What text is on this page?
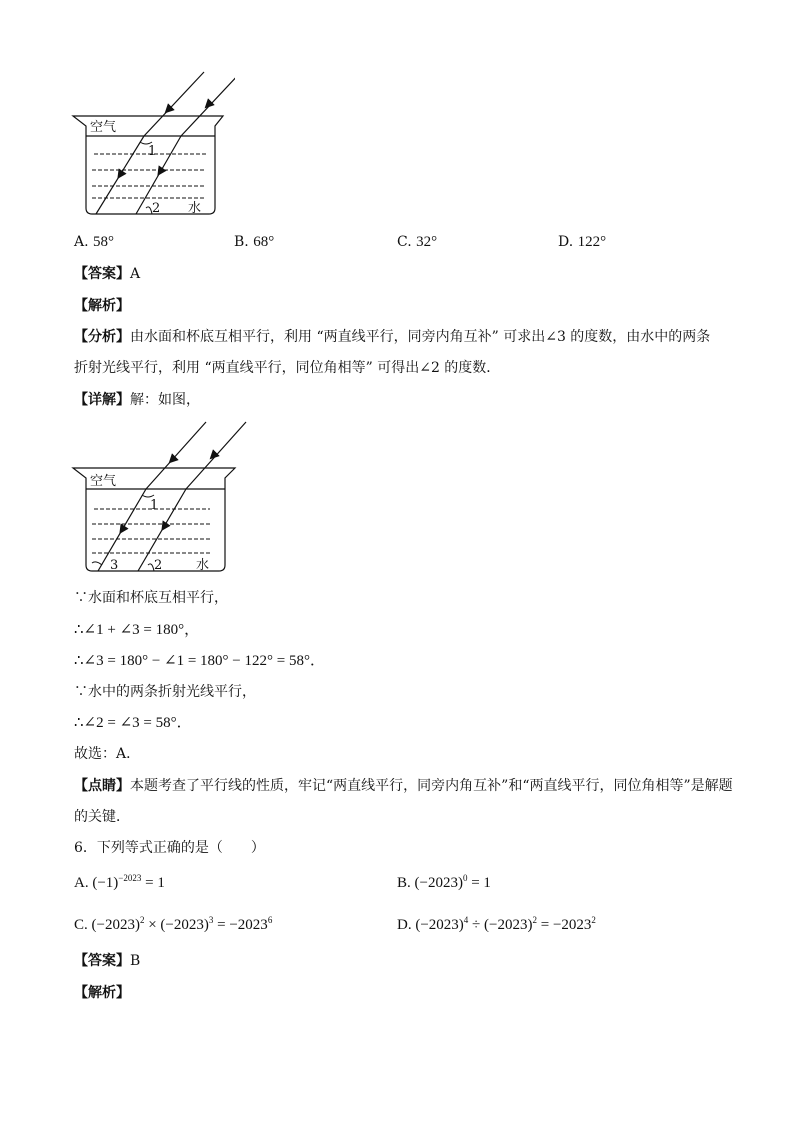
空气
水
1
2
A. 58°	B. 68°	C. 32°	D. 122°
【答案】A
【解析】
【分析】由水面和杯底互相平行，利用 “两直线平行，同旁内角互补” 可求出∠3 的度数，由水中的两条
折射光线平行，利用 “两直线平行，同位角相等” 可得出∠2 的度数．
【详解】解：如图，
空气
水
1
2
3
∵水面和杯底互相平行，
∴∠1 + ∠3 = 180°，
∴∠3 = 180° − ∠1 = 180° − 122° = 58°．
∵水中的两条折射光线平行，
∴∠2 = ∠3 = 58°．
故选：A．
【点睛】本题考查了平行线的性质，牢记“两直线平行，同旁内角互补”和“两直线平行，同位角相等”是解题
的关键．
6．下列等式正确的是（　　）
A. $(-1)^{-2023} = 1$	B. $(-2023)^0 = 1$
C. $(-2023)^2 \times (-2023)^3 = -2023^6$	D. $(-2023)^4 \div (-2023)^2 = -2023^2$
【答案】B
【解析】
